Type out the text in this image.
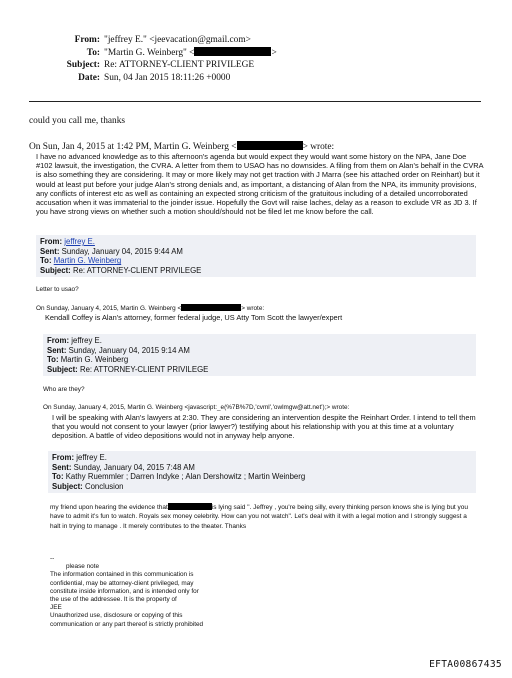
From: "jeffrey E." <jeevacation@gmail.com>
To: "Martin G. Weinberg" <	>
Subject: Re: ATTORNEY-CLIENT PRIVILEGE
Date: Sun, 04 Jan 2015 18:11:26 +0000
could you call me, thanks
On Sun, Jan 4, 2015 at 1:42 PM, Martin G. Weinberg <	> wrote:
I have no advanced knowledge as to this afternoon's agenda but would expect they would want some history on the NPA, Jane Doe #102 lawsuit, the investigation, the CVRA. A letter from them to USAO has no downsides. A filing from them on Alan's behalf in the CVRA is also something they are considering. It may or more likely may not get traction with J Marra (see his attached order on Reinhart) but it would at least put before your judge Alan's strong denials and, as important, a distancing of Alan from the NPA, its immunity provisions, any conflicts of interest etc as well as containing an expected strong criticism of the gratuitous including of a detailed uncorroborated accusation when it was immaterial to the joinder issue. Hopefully the Govt will raise laches, delay as a reason to exclude VR as JD 3. If you have strong views on whether such a motion should/should not be filed let me know before the call.
From: jeffrey E.
Sent: Sunday, January 04, 2015 9:44 AM
To: Martin G. Weinberg
Subject: Re: ATTORNEY-CLIENT PRIVILEGE
Letter to usao?
On Sunday, January 4, 2015, Martin G. Weinberg <	> wrote:
Kendall Coffey is Alan's attorney, former federal judge, US Atty Tom Scott the lawyer/expert
From: jeffrey E.
Sent: Sunday, January 04, 2015 9:14 AM
To: Martin G. Weinberg
Subject: Re: ATTORNEY-CLIENT PRIVILEGE
Who are they?
On Sunday, January 4, 2015, Martin G. Weinberg <javascript:_e(%7B%7D,'cvml','owlmgw@att.net');> wrote:
I will be speaking with Alan's lawyers at 2:30. They are considering an intervention despite the Reinhart Order. I intend to tell them that you would not consent to your lawyer (prior lawyer?) testifying about his relationship with you at this time at a voluntary deposition. A battle of video depositions would not in anyway help anyone.
From: jeffrey E.
Sent: Sunday, January 04, 2015 7:48 AM
To: Kathy Ruemmler ; Darren Indyke ; Alan Dershowitz ; Martin Weinberg
Subject: Conclusion
my friend upon hearing the evidence that	is lying said ". Jeffrey , you're being silly, every thinking person knows she is lying but you have to admit it's fun to watch. Royals sex money celebrity. How can you not watch". Let's deal with it with a legal motion and I strongly suggest a halt in trying to manage . It merely contributes to the theater. Thanks
--
please note
The information contained in this communication is
confidential, may be attorney-client privileged, may
constitute inside information, and is intended only for
the use of the addressee. It is the property of
JEE
Unauthorized use, disclosure or copying of this
communication or any part thereof is strictly prohibited
EFTA00867435
